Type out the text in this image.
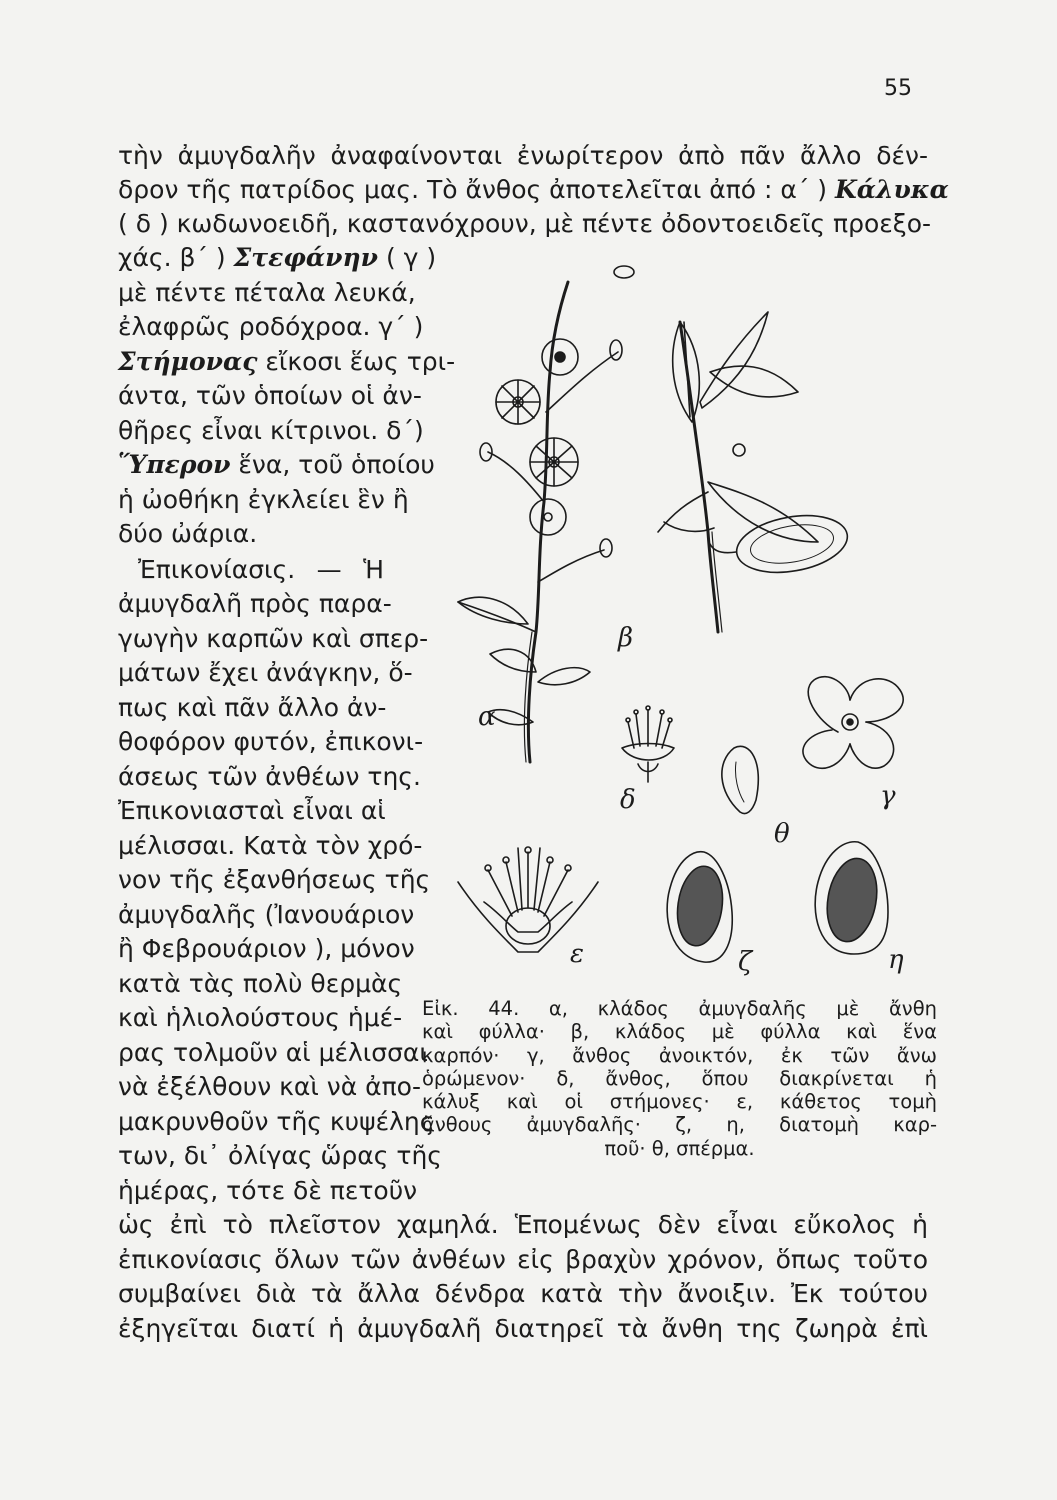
55
τὴν ἀμυγδαλῆν ἀναφαίνονται ἐνωρίτερον ἀπὸ πᾶν ἄλλο δέν-
δρον τῆς πατρίδος μας. Τὸ ἄνθος ἀποτελεῖται ἀπό : α΄ ) Κάλυκα
( δ ) κωδωνοειδῆ, καστανόχρουν, μὲ πέντε ὀδοντοειδεῖς προεξο-
χάς. β΄ ) Στεφάνην ( γ )
μὲ πέντε πέταλα λευκά,
ἐλαφρῶς ροδόχροα. γ΄ )
Στήμονας εἴκοσι ἕως τρι-
άντα, τῶν ὁποίων οἱ ἀν-
θῆρες εἶναι κίτρινοι. δ΄)
Ὕπερον ἕνα, τοῦ ὁποίου
ἡ ὠοθήκη ἐγκλείει ἓν ἢ
δύο ὠάρια.
Ἐπικονίασις. — Ἡ
ἀμυγδαλῆ πρὸς παρα-
γωγὴν καρπῶν καὶ σπερ-
μάτων ἔχει ἀνάγκην, ὅ-
πως καὶ πᾶν ἄλλο ἀν-
θοφόρον φυτόν, ἐπικονι-
άσεως τῶν ἀνθέων της.
Ἐπικονιασταὶ εἶναι αἱ
μέλισσαι. Κατὰ τὸν χρό-
νον τῆς ἐξανθήσεως τῆς
ἀμυγδαλῆς (Ἰανουάριον
ἢ Φεβρουάριον ), μόνον
κατὰ τὰς πολὺ θερμὰς
καὶ ἡλιολούστους ἡμέ-
ρας τολμοῦν αἱ μέλισσαι
νὰ ἐξέλθουν καὶ νὰ ἀπο-
μακρυνθοῦν τῆς κυψέλης
των, δι᾽ ὀλίγας ὥρας τῆς
ἡμέρας, τότε δὲ πετοῦν
ὡς ἐπὶ τὸ πλεῖστον χαμηλά. Ἑπομένως δὲν εἶναι εὔκολος ἡ
ἐπικονίασις ὅλων τῶν ἀνθέων εἰς βραχὺν χρόνον, ὅπως τοῦτο
συμβαίνει διὰ τὰ ἄλλα δένδρα κατὰ τὴν ἄνοιξιν. Ἐκ τούτου
ἐξηγεῖται διατί ἡ ἀμυγδαλῆ διατηρεῖ τὰ ἄνθη της ζωηρὰ ἐπὶ
α
β
γ
δ
θ
ε	ζ	η
Εἰκ. 44. α, κλάδος ἀμυγδαλῆς μὲ ἄνθη
καὶ φύλλα· β, κλάδος μὲ φύλλα καὶ ἕνα
καρπόν· γ, ἄνθος ἀνοικτόν, ἐκ τῶν ἄνω
ὁρώμενον· δ, ἄνθος, ὅπου διακρίνεται ἡ
κάλυξ καὶ οἱ στήμονες· ε, κάθετος τομὴ
ἄνθους ἀμυγδαλῆς· ζ, η, διατομὴ καρ-
ποῦ· θ, σπέρμα.
